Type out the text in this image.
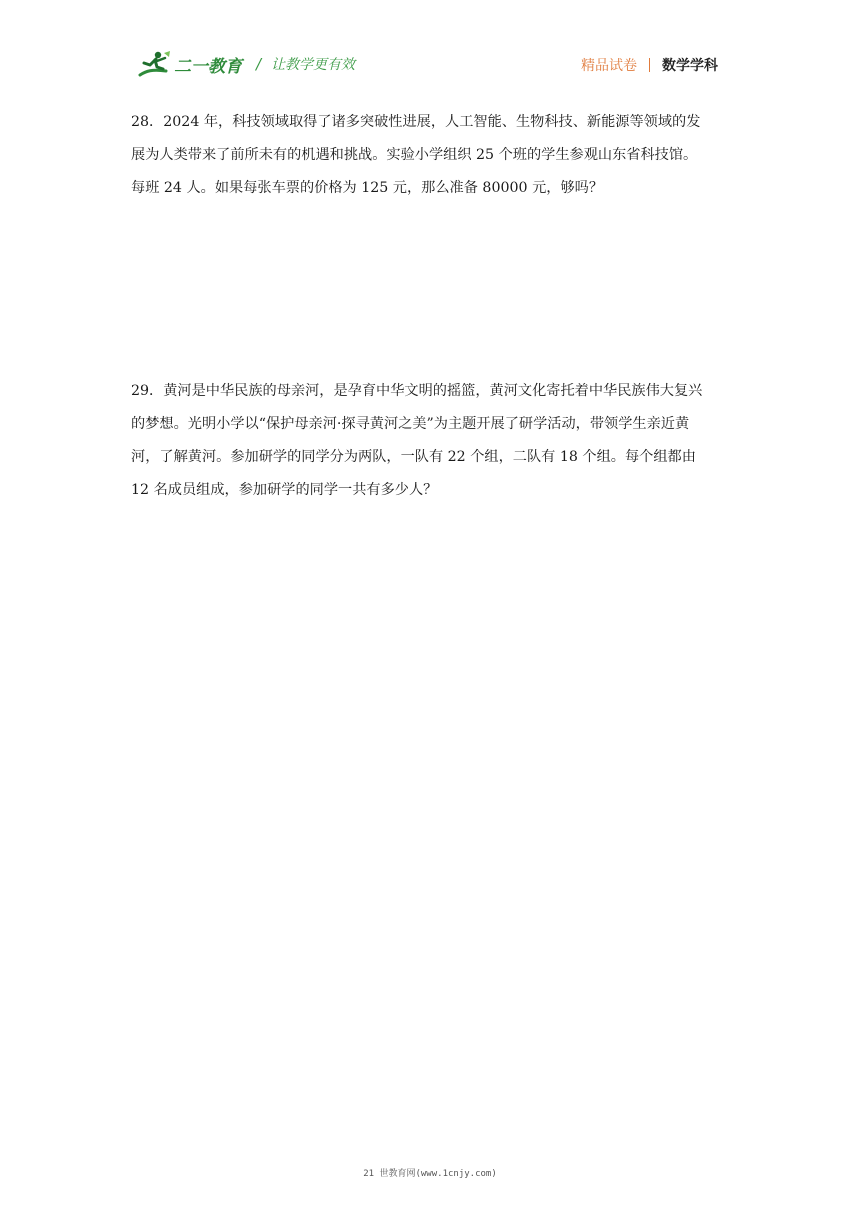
二一教育 / 让教学更有效	精品试卷 数学学科

28．2024 年，科技领域取得了诸多突破性进展，人工智能、生物科技、新能源等领域的发

展为人类带来了前所未有的机遇和挑战。实验小学组织 25 个班的学生参观山东省科技馆。

每班 24 人。如果每张车票的价格为 125 元，那么准备 80000 元，够吗？

29．黄河是中华民族的母亲河，是孕育中华文明的摇篮，黄河文化寄托着中华民族伟大复兴

的梦想。光明小学以“保护母亲河·探寻黄河之美”为主题开展了研学活动，带领学生亲近黄

河，了解黄河。参加研学的同学分为两队，一队有 22 个组，二队有 18 个组。每个组都由

12 名成员组成，参加研学的同学一共有多少人？

21 世教育网(www.1cnjy.com)
